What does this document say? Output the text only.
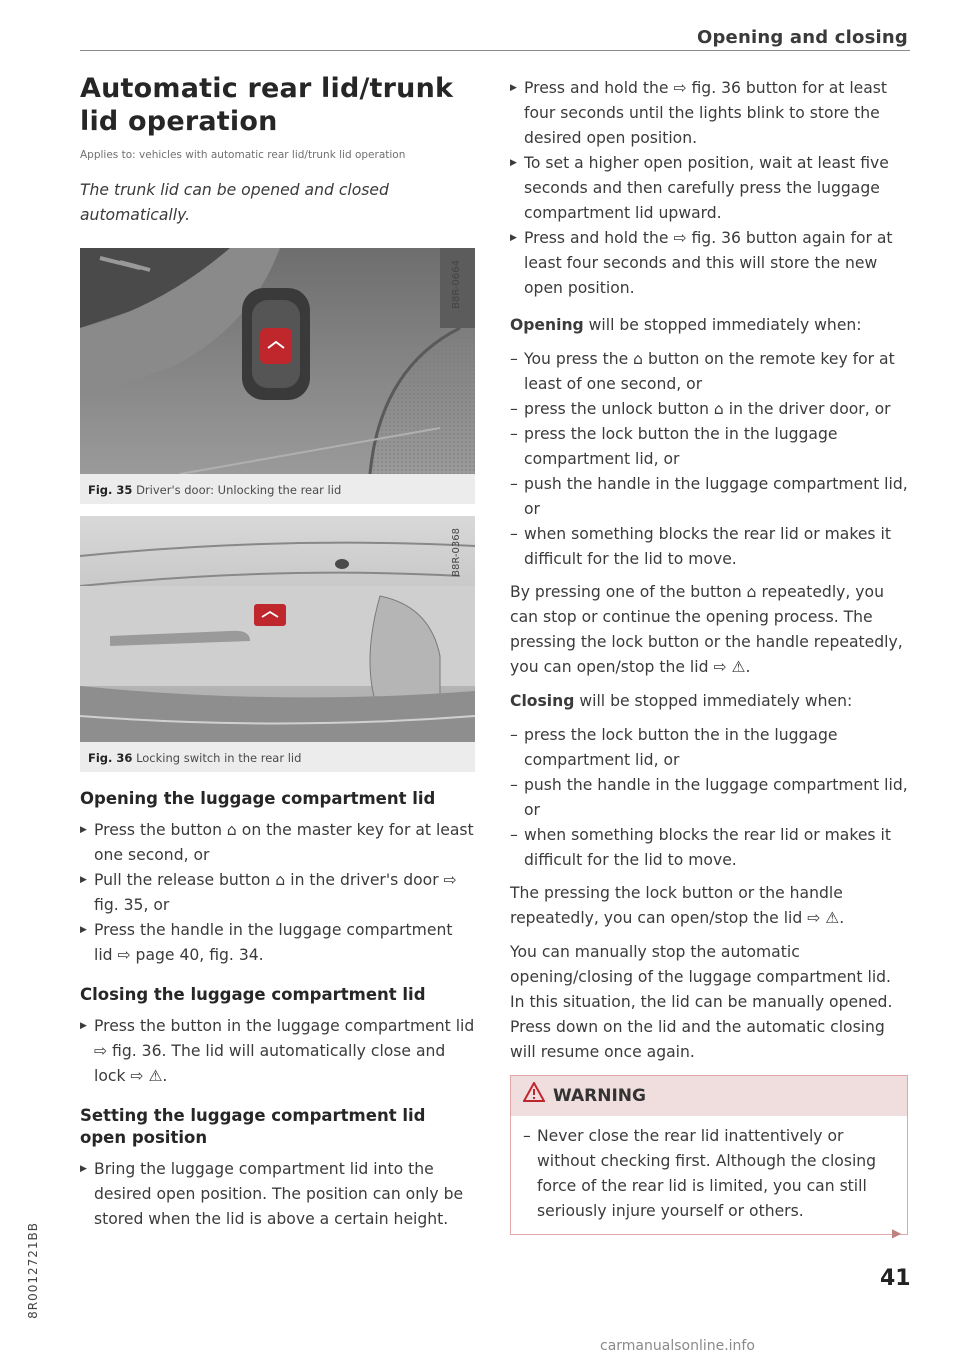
Opening and closing
Automatic rear lid/trunk lid operation
Applies to: vehicles with automatic rear lid/trunk lid operation
The trunk lid can be opened and closed automatically.
B8R-0664
Fig. 35 Driver's door: Unlocking the rear lid
B8R-0368
Fig. 36 Locking switch in the rear lid
Opening the luggage compartment lid
▶ Press the button ⌂ on the master key for at least one second, or
▶ Pull the release button ⌂ in the driver's door ⇨ fig. 35, or
▶ Press the handle in the luggage compartment lid ⇨ page 40, fig. 34.
Closing the luggage compartment lid
▶ Press the button in the luggage compartment lid ⇨ fig. 36. The lid will automatically close and lock ⇨ ⚠.
Setting the luggage compartment lid open position
▶ Bring the luggage compartment lid into the desired open position. The position can only be stored when the lid is above a certain height.
▶ Press and hold the ⇨ fig. 36 button for at least four seconds until the lights blink to store the desired open position.
▶ To set a higher open position, wait at least five seconds and then carefully press the luggage compartment lid upward.
▶ Press and hold the ⇨ fig. 36 button again for at least four seconds and this will store the new open position.

Opening will be stopped immediately when:

– You press the ⌂ button on the remote key for at least of one second, or
– press the unlock button ⌂ in the driver door, or
– press the lock button the in the luggage compartment lid, or
– push the handle in the luggage compartment lid, or
– when something blocks the rear lid or makes it difficult for the lid to move.

By pressing one of the button ⌂ repeatedly, you can stop or continue the opening process. The pressing the lock button or the handle repeatedly, you can open/stop the lid ⇨ ⚠.

Closing will be stopped immediately when:

– press the lock button the in the luggage compartment lid, or
– push the handle in the luggage compartment lid, or
– when something blocks the rear lid or makes it difficult for the lid to move.

The pressing the lock button or the handle repeatedly, you can open/stop the lid ⇨ ⚠.

You can manually stop the automatic opening/closing of the luggage compartment lid. In this situation, the lid can be manually opened. Press down on the lid and the automatic closing will resume once again.

WARNING
– Never close the rear lid inattentively or without checking first. Although the closing force of the rear lid is limited, you can still seriously injure yourself or others.
▶
8R0012721BB	41
carmanualsonline.info
